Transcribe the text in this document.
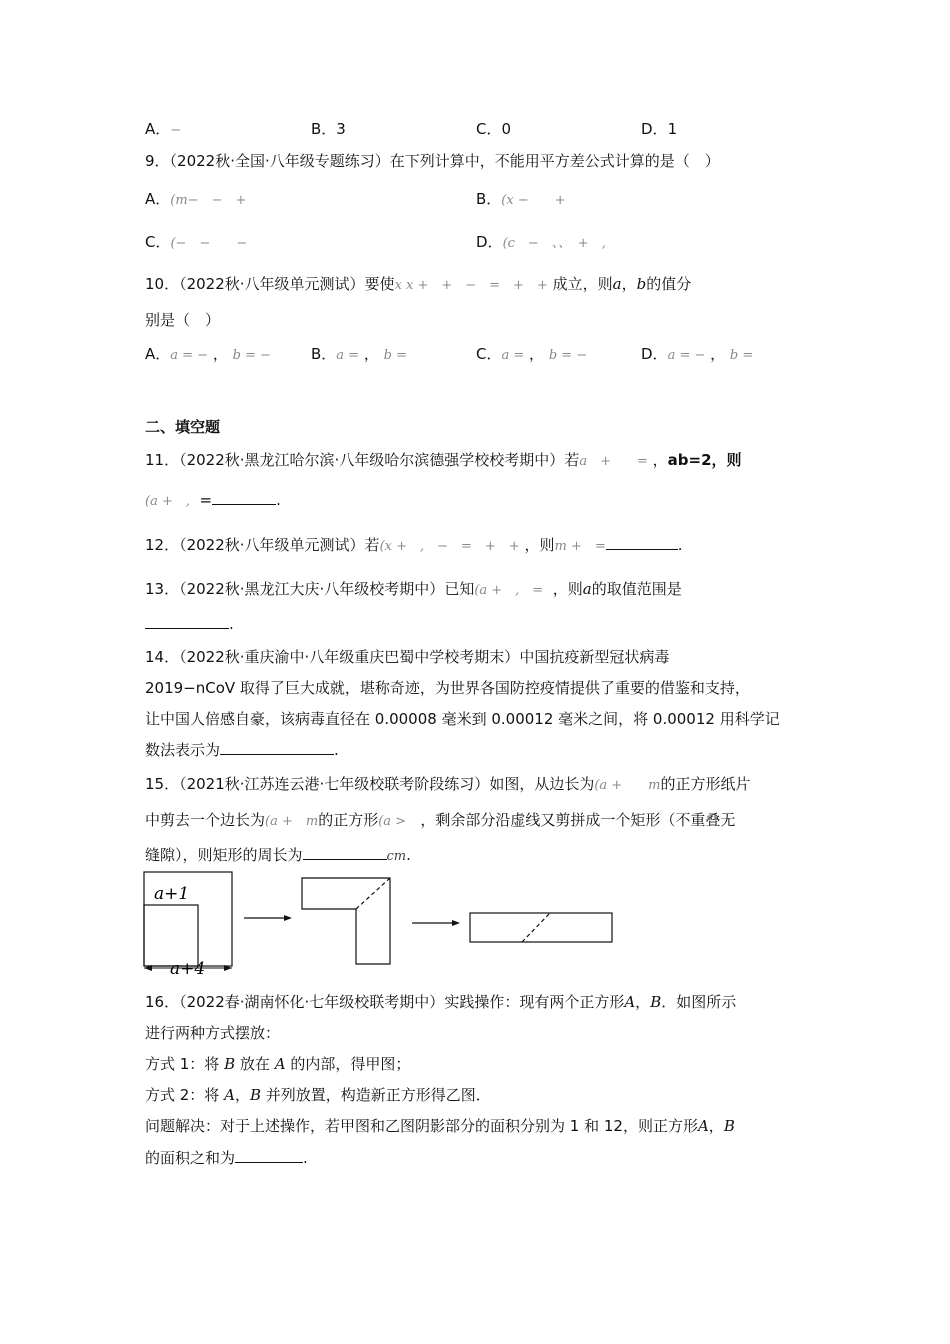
A．−	B．3	C．0	D．1
9．（2022秋·全国·八年级专题练习）在下列计算中，不能用平方差公式计算的是（　）
A．(m−　−　+	B．(x −　　+
C．(−　−　　−	D．(c　−　、、　+　,
10．（2022秋·八年级单元测试）要使x x +　+　−　=　+　+ 成立，则a，b的值分
别是（　）
A．a = − ， b = −	B．a = ， b =	C．a = ， b = −	D．a = − ， b =
二、填空题
11．（2022秋·黑龙江哈尔滨·八年级哈尔滨德强学校校考期中）若a　+　　= ，ab=2，则
(a +　, =	.
12．（2022秋·八年级单元测试）若(x +　,　−　=　+　+ ，则m +　=	.
13．（2022秋·黑龙江大庆·八年级校考期中）已知(a +　,　= ，则a的取值范围是
.
14．（2022秋·重庆渝中·八年级重庆巴蜀中学校考期末）中国抗疫新型冠状病毒
2019−nCoV 取得了巨大成就，堪称奇迹，为世界各国防控疫情提供了重要的借鉴和支持，
让中国人倍感自豪，该病毒直径在 0.00008 毫米到 0.00012 毫米之间，将 0.00012 用科学记
数法表示为	.
15．（2021秋·江苏连云港·七年级校联考阶段练习）如图，从边长为(a +　　m的正方形纸片
中剪去一个边长为(a +　m的正方形(a > ，剩余部分沿虚线又剪拼成一个矩形（不重叠无
缝隙），则矩形的周长为	cm.
a+1
a+4
16．（2022春·湖南怀化·七年级校联考期中）实践操作：现有两个正方形A，B．如图所示
进行两种方式摆放：
方式 1：将 B 放在 A 的内部，得甲图；
方式 2：将 A，B 并列放置，构造新正方形得乙图．
问题解决：对于上述操作，若甲图和乙图阴影部分的面积分别为 1 和 12，则正方形A，B
的面积之和为	.
